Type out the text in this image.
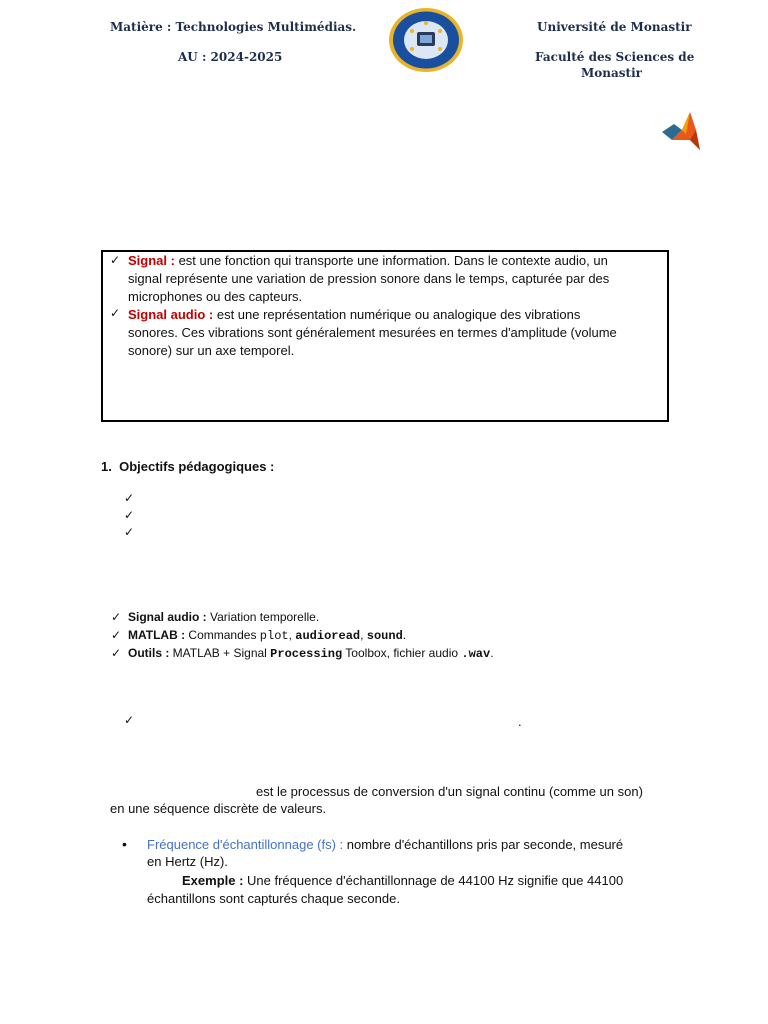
Matière : Technologies Multimédias.
AU : 2024-2025
Université de Monastir
Faculté des Sciences de
Monastir
✓ Signal : est une fonction qui transporte une information. Dans le contexte audio, un
signal représente une variation de pression sonore dans le temps, capturée par des
microphones ou des capteurs.
✓ Signal audio : est une représentation numérique ou analogique des vibrations
sonores. Ces vibrations sont généralement mesurées en termes d'amplitude (volume
sonore) sur un axe temporel.
1. Objectifs pédagogiques :
✓
✓
✓
✓ Signal audio : Variation temporelle.
✓ MATLAB : Commandes plot, audioread, sound.
✓ Outils : MATLAB + Signal Processing Toolbox, fichier audio .wav.
✓	.
est le processus de conversion d'un signal continu (comme un son)
en une séquence discrète de valeurs.
• Fréquence d'échantillonnage (fs) : nombre d'échantillons pris par seconde, mesuré
en Hertz (Hz).
Exemple : Une fréquence d'échantillonnage de 44100 Hz signifie que 44100
échantillons sont capturés chaque seconde.
